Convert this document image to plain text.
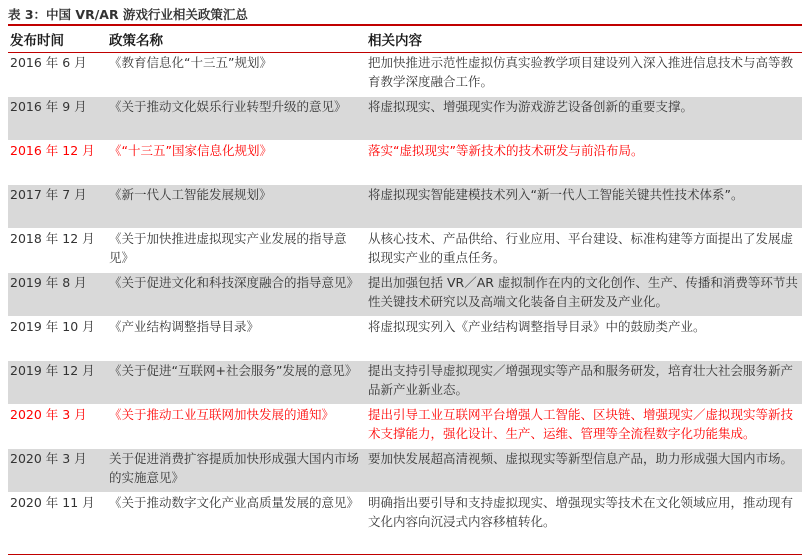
表 3：中国 VR/AR 游戏行业相关政策汇总
发布时间	政策名称	相关内容
2016 年 6 月	《教育信息化“十三五”规划》	把加快推进示范性虚拟仿真实验教学项目建设列入深入推进信息技术与高等教育教学深度融合工作。
2016 年 9 月	《关于推动文化娱乐行业转型升级的意见》	将虚拟现实、增强现实作为游戏游艺设备创新的重要支撑。
2016 年 12 月	《“十三五”国家信息化规划》	落实“虚拟现实”等新技术的技术研发与前沿布局。
2017 年 7 月	《新一代人工智能发展规划》	将虚拟现实智能建模技术列入“新一代人工智能关键共性技术体系”。
2018 年 12 月	《关于加快推进虚拟现实产业发展的指导意见》	从核心技术、产品供给、行业应用、平台建设、标准构建等方面提出了发展虚拟现实产业的重点任务。
2019 年 8 月	《关于促进文化和科技深度融合的指导意见》	提出加强包括 VR／AR 虚拟制作在内的文化创作、生产、传播和消费等环节共性关键技术研究以及高端文化装备自主研发及产业化。
2019 年 10 月	《产业结构调整指导目录》	将虚拟现实列入《产业结构调整指导目录》中的鼓励类产业。
2019 年 12 月	《关于促进“互联网+社会服务”发展的意见》	提出支持引导虚拟现实／增强现实等产品和服务研发，培育壮大社会服务新产品新产业新业态。
2020 年 3 月	《关于推动工业互联网加快发展的通知》	提出引导工业互联网平台增强人工智能、区块链、增强现实／虚拟现实等新技术支撑能力，强化设计、生产、运维、管理等全流程数字化功能集成。
2020 年 3 月	关于促进消费扩容提质加快形成强大国内市场的实施意见》	要加快发展超高清视频、虚拟现实等新型信息产品，助力形成强大国内市场。
2020 年 11 月	《关于推动数字文化产业高质量发展的意见》	明确指出要引导和支持虚拟现实、增强现实等技术在文化领域应用，推动现有文化内容向沉浸式内容移植转化。
